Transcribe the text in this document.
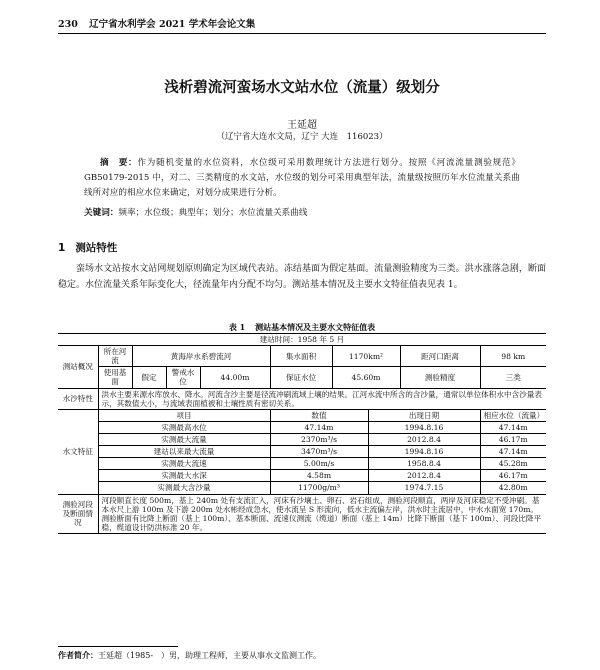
230 辽宁省水利学会 2021 学术年会论文集
浅析碧流河蛮场水文站水位（流量）级划分
王延超
（辽宁省大连水文局，辽宁 大连　116023）
摘　要：作为随机变量的水位资料，水位级可采用数理统计方法进行划分。按照《河流流量测验规范》GB50179-2015 中，对二、三类精度的水文站，水位级的划分可采用典型年法，流量级按照历年水位流量关系曲线所对应的相应水位来确定，对划分成果进行分析。
关键词：频率；水位级；典型年；划分；水位流量关系曲线
1 测站特性
蛮场水文站按水文站网规划原则确定为区域代表站。冻结基面为假定基面。流量测验精度为三类。洪水涨落急剧，断面稳定。水位流量关系年际变化大，径流量年内分配不均匀。测站基本情况及主要水文特征值表见表 1。
表 1 测站基本情况及主要水文特征值表
建站时间：1958 年 5 月									
测站概况	所在河流	黄海岸水系碧流河			集水面积	1170km²		距河口距离	98 km
	使用基面	假定	警戒水位	44.00m	保证水位	45.60m		测验精度	三类
水沙特性	洪水主要来源水库放水、降水。河流含沙主要是径流冲刷流域上壤的结果。江河水流中所含的含沙量，通常以单位体积水中含沙量表示，其数值大小，与流域表面植被和土壤性质有密切关系。								
水文特征	项目				数值		出现日期		相应水位（流量）
	实测最高水位				47.14m		1994.8.16		47.14m
	实测最大流量				2370m³/s		2012.8.4		46.17m
	建站以来最大流量				3470m³/s		1994.8.16		47.14m
	实测最大流速				5.00m/s		1958.8.4		45.28m
	实测最大水深				4.58m		2012.8.4		46.17m
	实测最大含沙量				11700g/m³		1974.7.15		42.80m
测验河段及断面情况	河段顺直长度 500m，基上 240m 处有支流汇入，河床有沙壤土、卵石、岩石组成，测验河段顺直，两岸及河床稳定不受冲刷。基本水尺上游 100m 及下游 200m 处水彬经成急水，使水流呈 S 形流向，低水主流偏左岸，洪水时主流居中，中水水面宽 170m。测验断面有比降上断面（基上 100m）、基本断面、流速仪测流（缆道）断面（基上 14m）比降下断面（基下 100m）、河段比降平稳，缆道设计防洪标准 20 年。								
作者简介：王延超（1985-　）男，助理工程师，主要从事水文监测工作。
